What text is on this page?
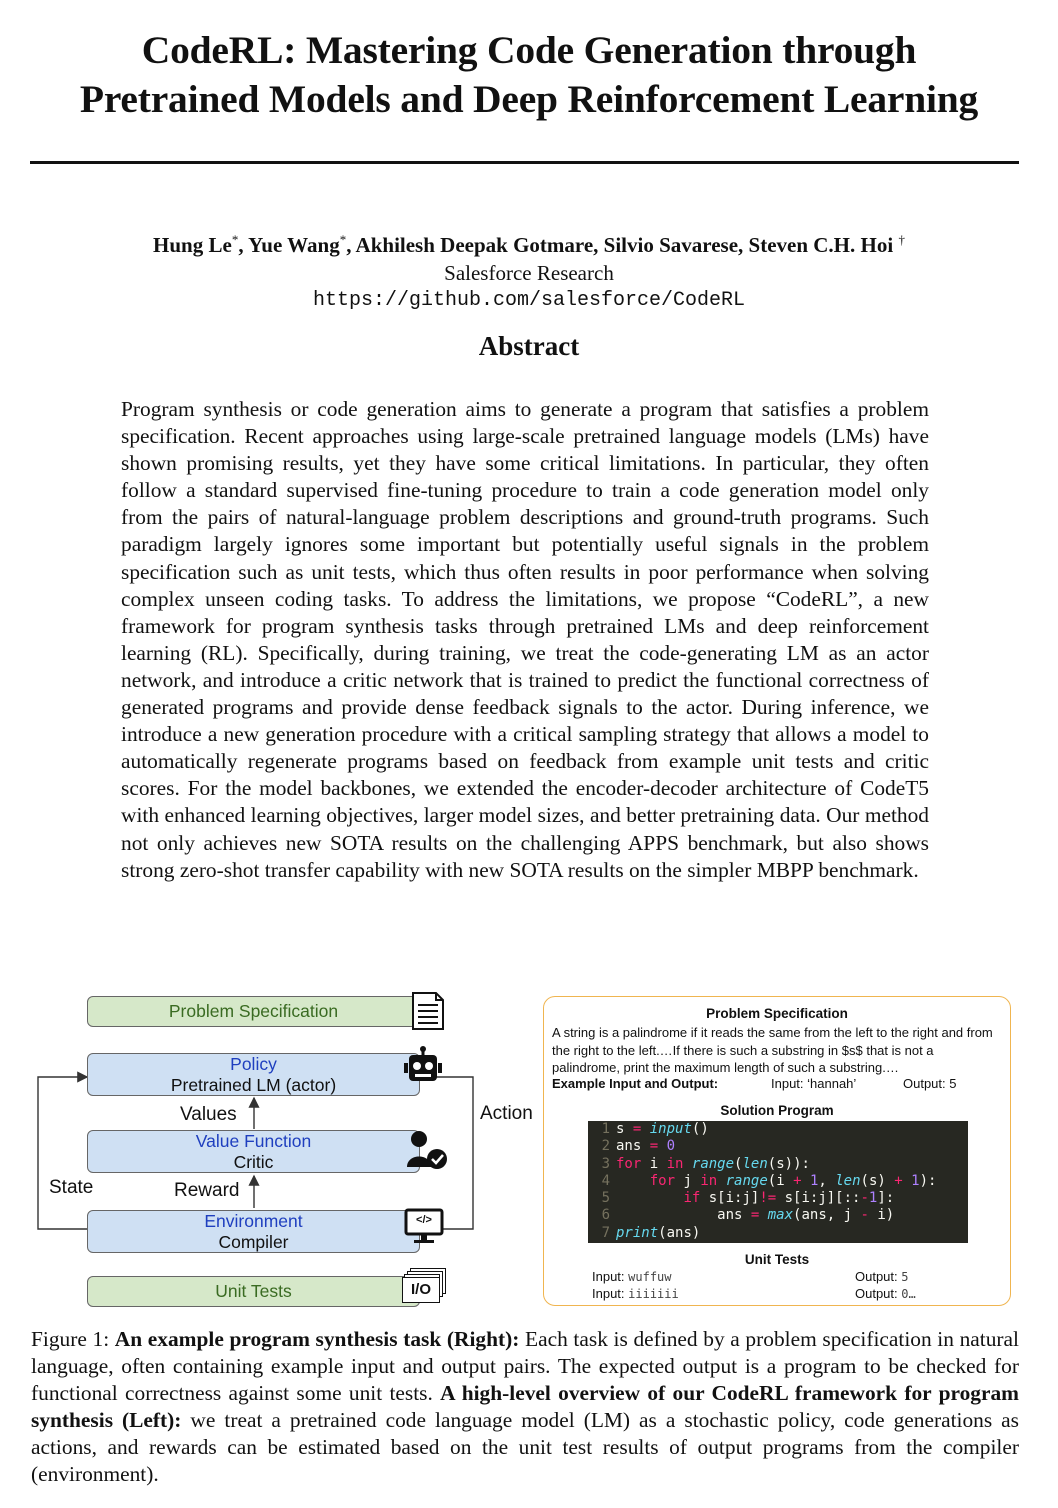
CodeRL: Mastering Code Generation through
Pretrained Models and Deep Reinforcement Learning
Hung Le*, Yue Wang*, Akhilesh Deepak Gotmare, Silvio Savarese, Steven C.H. Hoi †
Salesforce Research
https://github.com/salesforce/CodeRL
Abstract
Program synthesis or code generation aims to generate a program that satisfies a problem specification. Recent approaches using large-scale pretrained language models (LMs) have shown promising results, yet they have some critical limitations. In particular, they often follow a standard supervised fine-tuning procedure to train a code generation model only from the pairs of natural-language problem descriptions and ground-truth programs. Such paradigm largely ignores some important but potentially useful signals in the problem specification such as unit tests, which thus often results in poor performance when solving complex unseen coding tasks. To address the limitations, we propose “CodeRL”, a new framework for program synthesis tasks through pretrained LMs and deep reinforcement learning (RL). Specifically, during training, we treat the code-generating LM as an actor network, and introduce a critic network that is trained to predict the functional correctness of generated programs and provide dense feedback signals to the actor. During inference, we introduce a new generation procedure with a critical sampling strategy that allows a model to automatically regenerate programs based on feedback from example unit tests and critic scores. For the model backbones, we extended the encoder-decoder architecture of CodeT5 with enhanced learning objectives, larger model sizes, and better pretraining data. Our method not only achieves new SOTA results on the challenging APPS benchmark, but also shows strong zero-shot transfer capability with new SOTA results on the simpler MBPP benchmark.
Problem Specification
Policy
Pretrained LM (actor)
Values
Value Function
Critic
State	Reward
Action
Environment
Compiler
Unit Tests
</>
I/O
Problem Specification
A string is a palindrome if it reads the same from the left to the right and from the right to the left.…If there is such a substring in $s$ that is not a palindrome, print the maximum length of such a substring.…
Example Input and Output:	Input: ‘hannah’	Output: 5
Solution Program
1 s = input()
2 ans = 0
3 for i in range(len(s)):
4	for j in range(i + 1, len(s) + 1):
5	if s[i:j]!= s[i:j][::-1]:
6            ans = max(ans, j - i)
7 print(ans)
Unit Tests
Input: wuffuw	Output: 5
Input: iiiiiii	Output: 0…
Figure 1: An example program synthesis task (Right): Each task is defined by a problem specification in natural language, often containing example input and output pairs. The expected output is a program to be checked for functional correctness against some unit tests. A high-level overview of our CodeRL framework for program synthesis (Left): we treat a pretrained code language model (LM) as a stochastic policy, code generations as actions, and rewards can be estimated based on the unit test results of output programs from the compiler (environment).
